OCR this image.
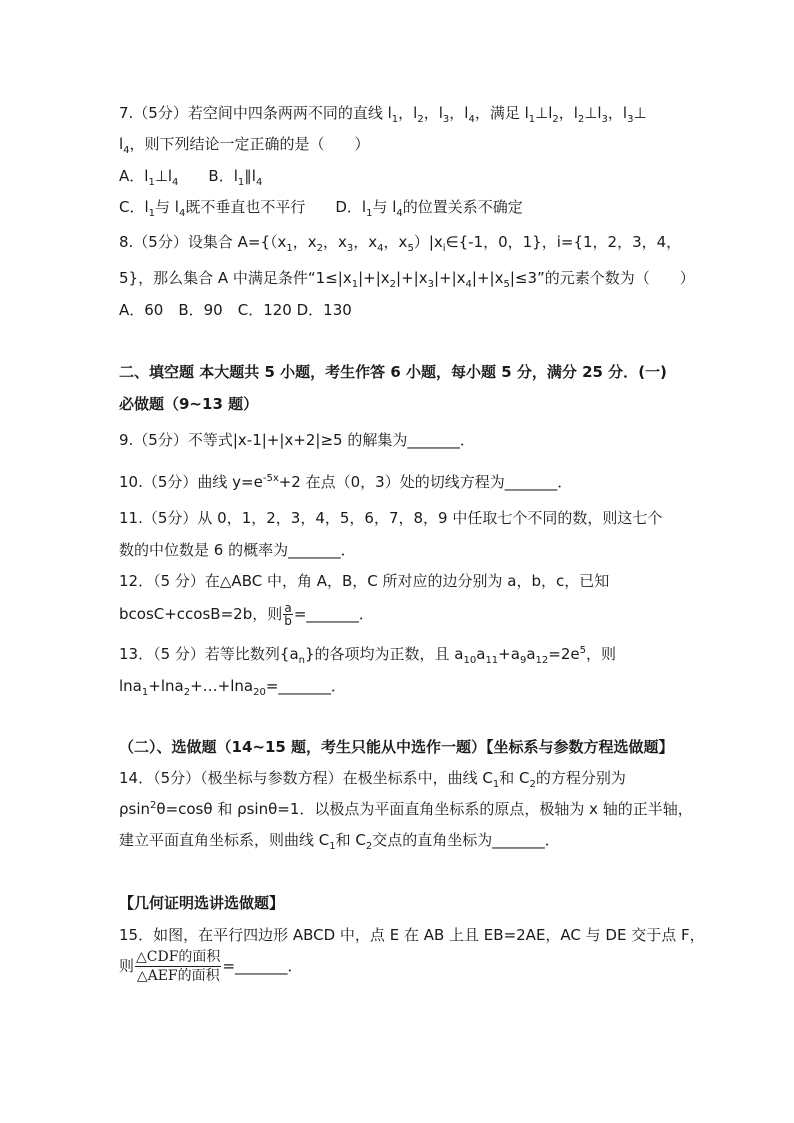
7.（5分）若空间中四条两两不同的直线 $l_1$，$l_2$，$l_3$，$l_4$，满足 $l_1\perp l_2$，$l_2\perp l_3$，$l_3\perp$
$l_4$，则下列结论一定正确的是（　　）
A．$l_1\perp l_4$　　B．$l_1\parallel l_4$
C．$l_1$与 $l_4$既不垂直也不平行　　D．$l_1$与 $l_4$的位置关系不确定
8.（5分）设集合 $A=\{(x_1$，$x_2$，$x_3$，$x_4$，$x_5)|x_i\in\{-1$，0，1}，i={1，2，3，4，
5}，那么集合 A 中满足条件“$1\le|x_1|+|x_2|+|x_3|+|x_4|+|x_5|\le 3$”的元素个数为（　　）
A．60　B．90　C．120 D．130
二、填空题 本大题共 5 小题，考生作答 6 小题，每小题 5 分，满分 25 分．(一)
必做题（9~13 题）
9.（5分）不等式|x-1|+|x+2|≥5 的解集为_______．
10.（5分）曲线 $y=e^{-5x}+2$ 在点（0，3）处的切线方程为_______．
11.（5分）从 0，1，2，3，4，5，6，7，8，9 中任取七个不同的数，则这七个
数的中位数是 6 的概率为_______．
12．（5 分）在△ABC 中，角 A，B，C 所对应的边分别为 a，b，c，已知
bcosC+ccosB=2b，则 $\frac{a}{b}$ =_______．
13．（5 分）若等比数列$\{a_n\}$的各项均为正数，且 $a_{10}a_{11}+a_9a_{12}=2e^5$，则
lna$_1$+lna$_2$+…+lna$_{20}$=_______．
（二）、选做题（14~15 题，考生只能从中选作一题）【坐标系与参数方程选做题】
14．（5分）（极坐标与参数方程）在极坐标系中，曲线 $C_1$和 $C_2$的方程分别为
ρsin$^2$θ=cosθ 和 ρsinθ=1．以极点为平面直角坐标系的原点，极轴为 x 轴的正半轴，
建立平面直角坐标系，则曲线 $C_1$和 $C_2$交点的直角坐标为_______．
【几何证明选讲选做题】
15．如图，在平行四边形 ABCD 中，点 E 在 AB 上且 EB=2AE，AC 与 DE 交于点 F，
则 $\frac{\text{△CDF的面积}}{\text{△AEF的面积}}$ =_______．
